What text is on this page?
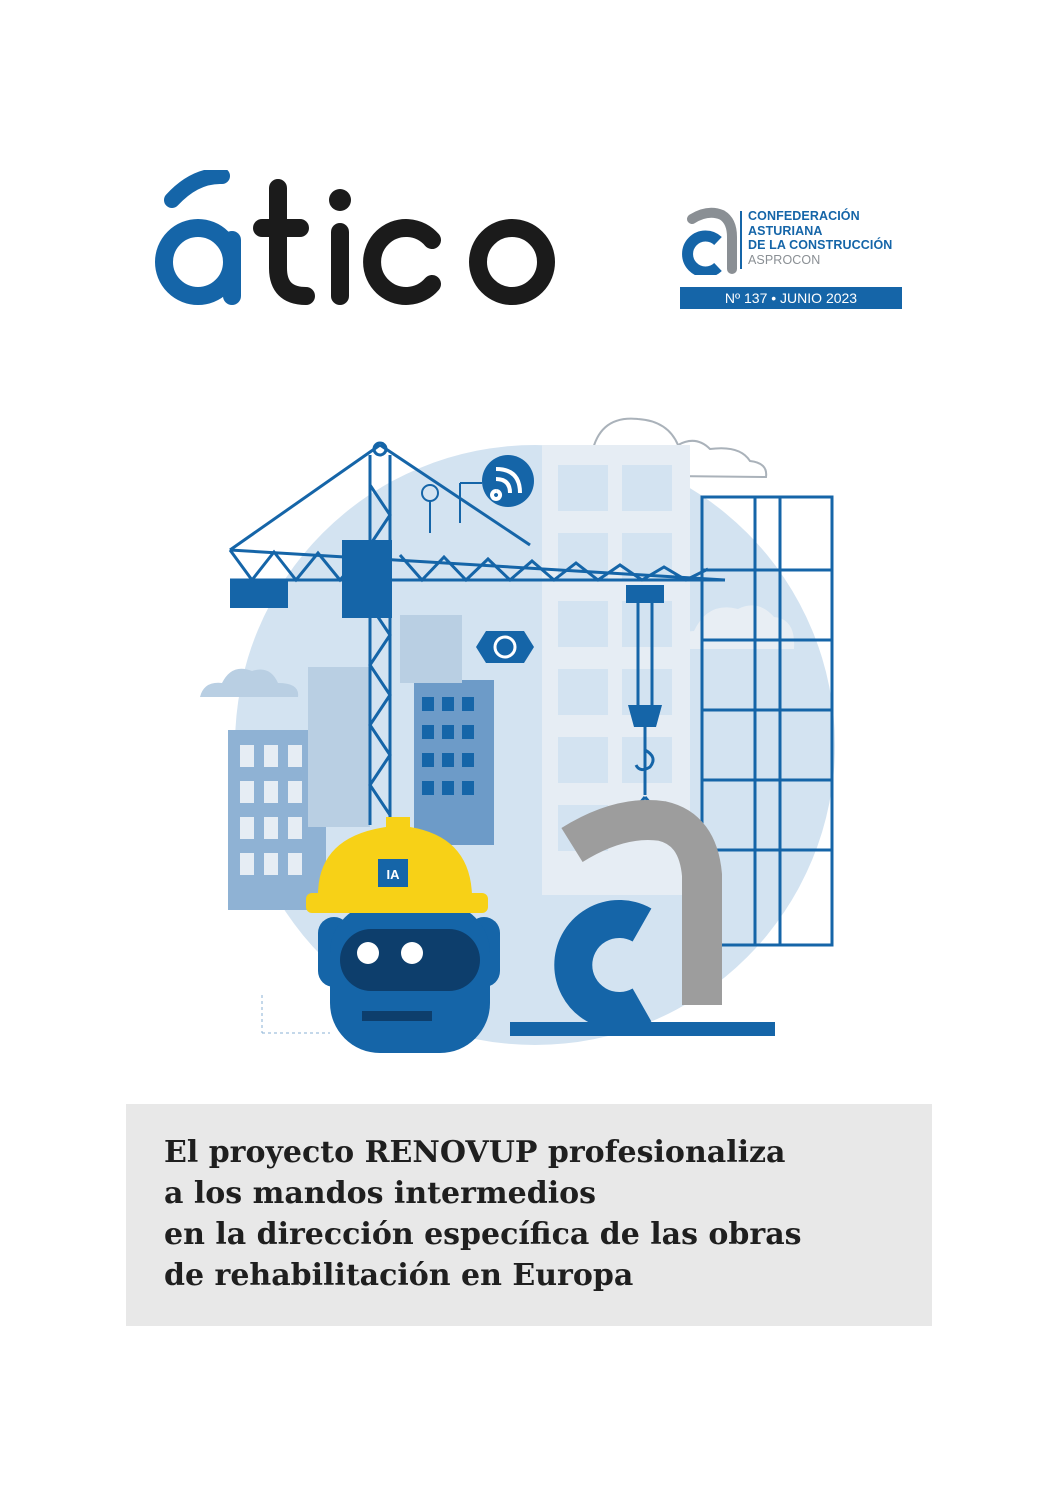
CONFEDERACIÓN
ASTURIANA
DE LA CONSTRUCCIÓN
ASPROCON
Nº 137 • JUNIO 2023
IA
El proyecto RENOVUP profesionaliza
a los mandos intermedios
en la dirección específica de las obras
de rehabilitación en Europa
